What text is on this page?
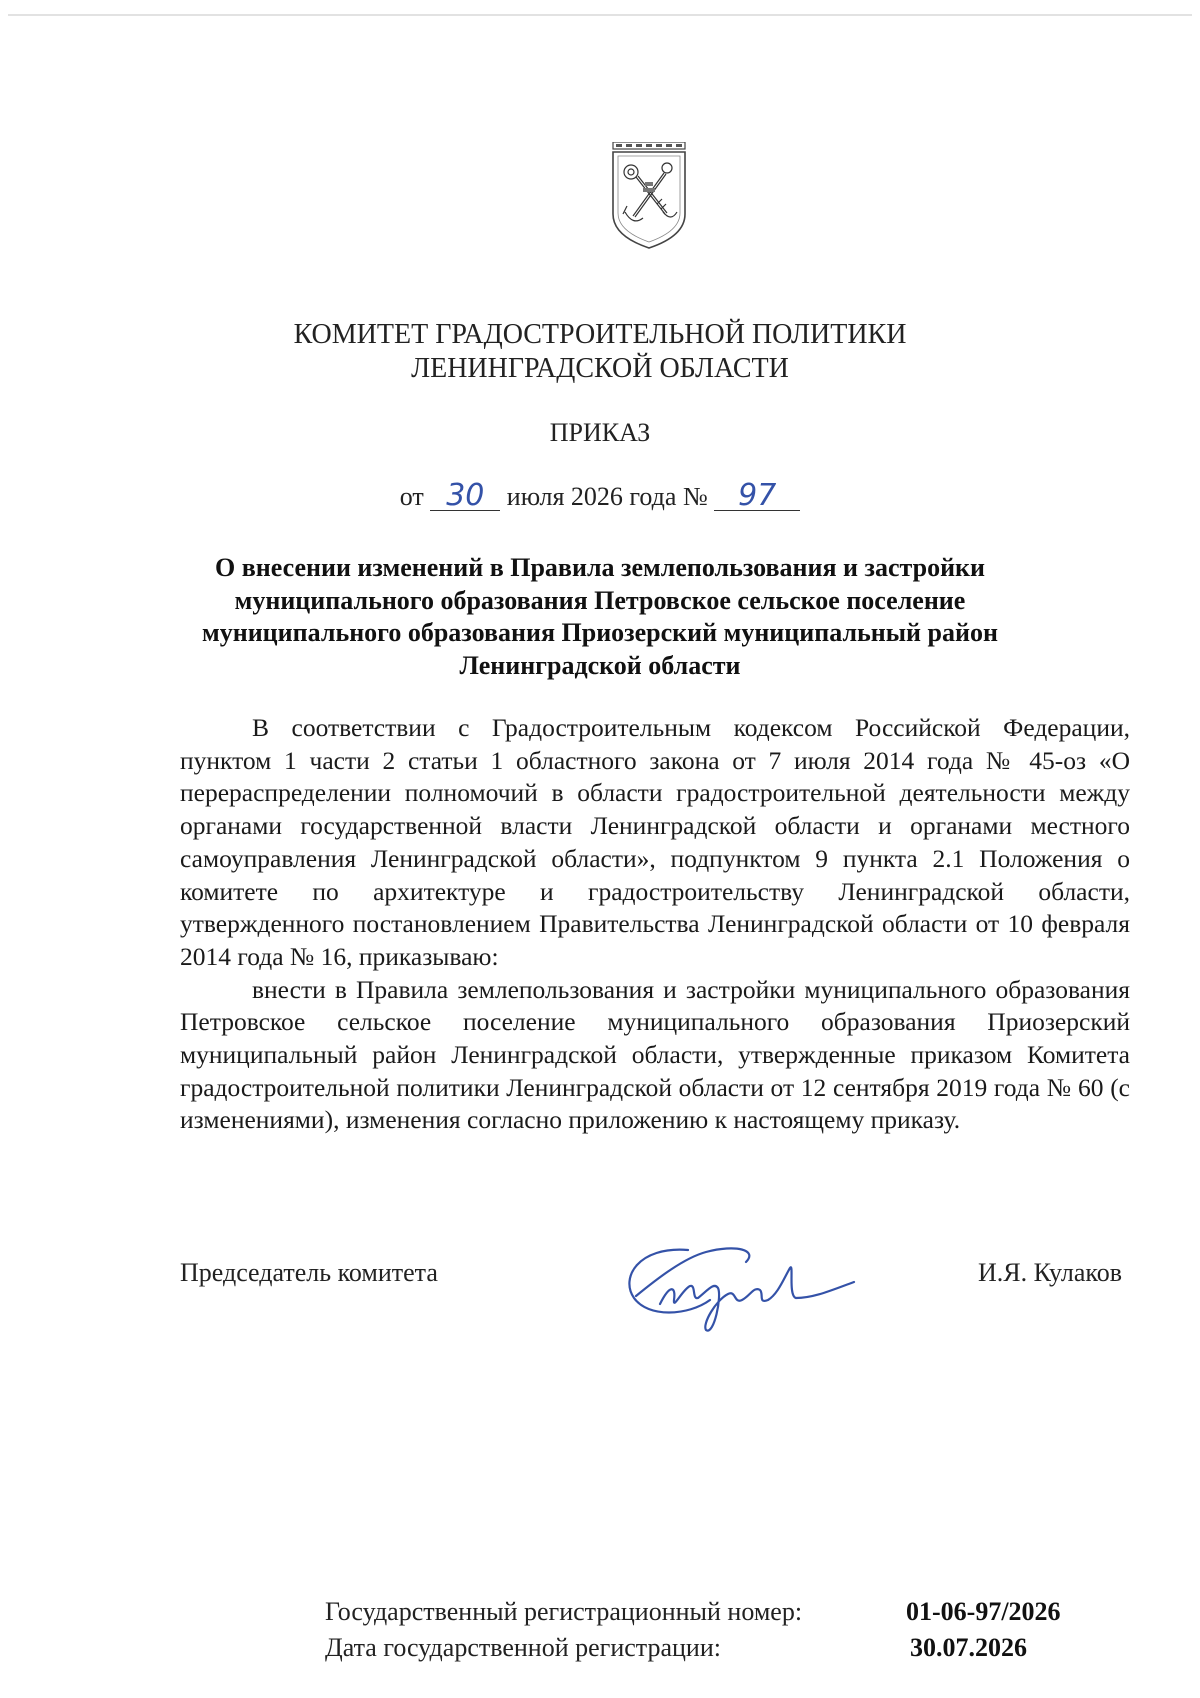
КОМИТЕТ ГРАДОСТРОИТЕЛЬНОЙ ПОЛИТИКИ
ЛЕНИНГРАДСКОЙ ОБЛАСТИ
ПРИКАЗ
от 30 июля 2026 года № 97
О внесении изменений в Правила землепользования и застройки
муниципального образования Петровское сельское поселение
муниципального образования Приозерский муниципальный район
Ленинградской области

В соответствии с Градостроительным кодексом Российской Федерации, пунктом 1 части 2 статьи 1 областного закона от 7 июля 2014 года № 45-оз «О перераспределении полномочий в области градостроительной деятельности между органами государственной власти Ленинградской области и органами местного самоуправления Ленинградской области», подпунктом 9 пункта 2.1 Положения о комитете по архитектуре и градостроительству Ленинградской области, утвержденного постановлением Правительства Ленинградской области от 10 февраля 2014 года № 16, приказываю:

внести в Правила землепользования и застройки муниципального образования Петровское сельское поселение муниципального образования Приозерский муниципальный район Ленинградской области, утвержденные приказом Комитета градостроительной политики Ленинградской области от 12 сентября 2019 года № 60 (с изменениями), изменения согласно приложению к настоящему приказу.

Председатель комитета	И.Я. Кулаков
Государственный регистрационный номер:	01-06-97/2026
Дата государственной регистрации:	30.07.2026
